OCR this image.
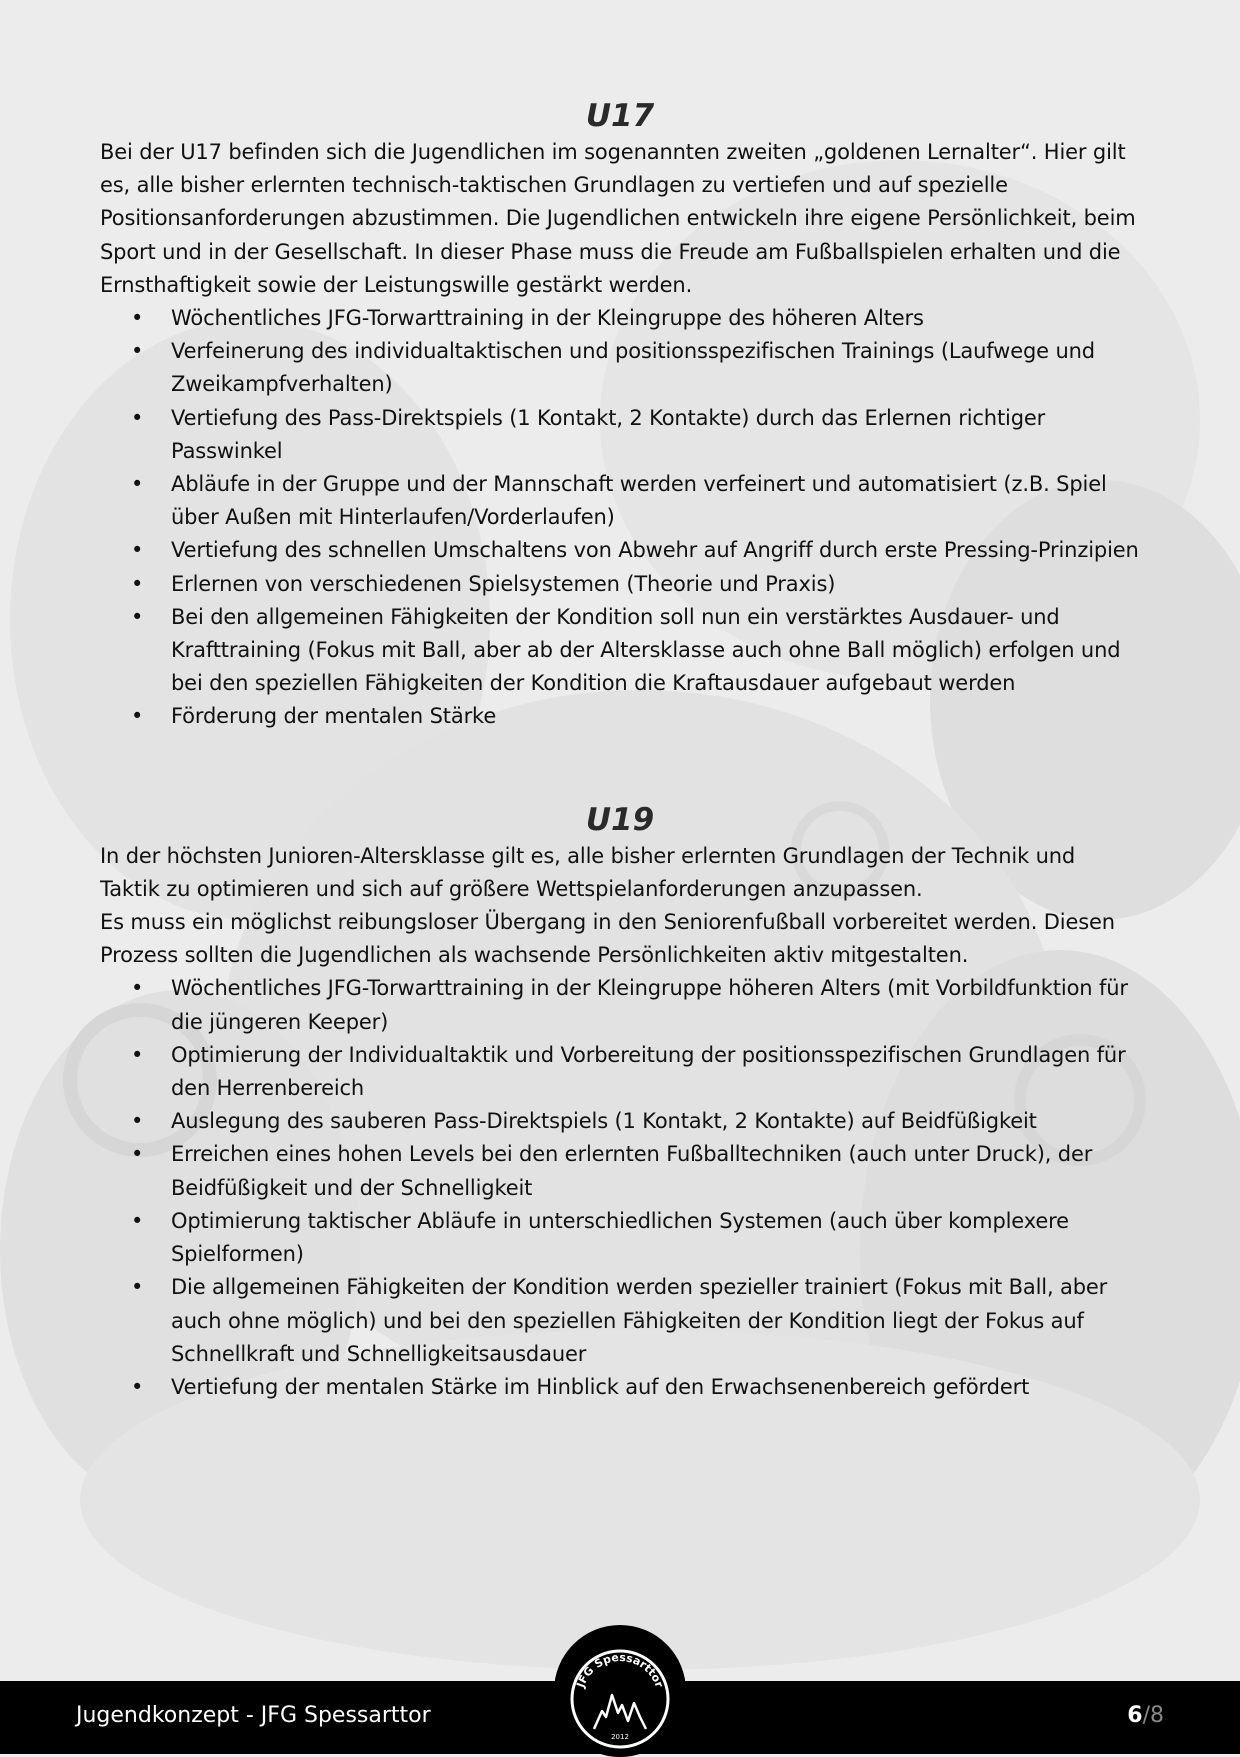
U17

Bei der U17 befinden sich die Jugendlichen im sogenannten zweiten „goldenen Lernalter“. Hier gilt es, alle bisher erlernten technisch-taktischen Grundlagen zu vertiefen und auf spezielle Positionsanforderungen abzustimmen. Die Jugendlichen entwickeln ihre eigene Persönlichkeit, beim Sport und in der Gesellschaft. In dieser Phase muss die Freude am Fußballspielen erhalten und die Ernsthaftigkeit sowie der Leistungswille gestärkt werden.

• Wöchentliches JFG-Torwarttraining in der Kleingruppe des höheren Alters
• Verfeinerung des individualtaktischen und positionsspezifischen Trainings (Laufwege und Zweikampfverhalten)
• Vertiefung des Pass-Direktspiels (1 Kontakt, 2 Kontakte) durch das Erlernen richtiger Passwinkel
• Abläufe in der Gruppe und der Mannschaft werden verfeinert und automatisiert (z.B. Spiel über Außen mit Hinterlaufen/Vorderlaufen)
• Vertiefung des schnellen Umschaltens von Abwehr auf Angriff durch erste Pressing-Prinzipien
• Erlernen von verschiedenen Spielsystemen (Theorie und Praxis)
• Bei den allgemeinen Fähigkeiten der Kondition soll nun ein verstärktes Ausdauer- und Krafttraining (Fokus mit Ball, aber ab der Altersklasse auch ohne Ball möglich) erfolgen und bei den speziellen Fähigkeiten der Kondition die Kraftausdauer aufgebaut werden
• Förderung der mentalen Stärke
U19

In der höchsten Junioren-Altersklasse gilt es, alle bisher erlernten Grundlagen der Technik und Taktik zu optimieren und sich auf größere Wettspielanforderungen anzupassen.

Es muss ein möglichst reibungsloser Übergang in den Seniorenfußball vorbereitet werden. Diesen Prozess sollten die Jugendlichen als wachsende Persönlichkeiten aktiv mitgestalten.

• Wöchentliches JFG-Torwarttraining in der Kleingruppe höheren Alters (mit Vorbildfunktion für die jüngeren Keeper)
• Optimierung der Individualtaktik und Vorbereitung der positionsspezifischen Grundlagen für den Herrenbereich
• Auslegung des sauberen Pass-Direktspiels (1 Kontakt, 2 Kontakte) auf Beidfüßigkeit
• Erreichen eines hohen Levels bei den erlernten Fußballtechniken (auch unter Druck), der Beidfüßigkeit und der Schnelligkeit
• Optimierung taktischer Abläufe in unterschiedlichen Systemen (auch über komplexere Spielformen)
• Die allgemeinen Fähigkeiten der Kondition werden spezieller trainiert (Fokus mit Ball, aber auch ohne möglich) und bei den speziellen Fähigkeiten der Kondition liegt der Fokus auf Schnellkraft und Schnelligkeitsausdauer
• Vertiefung der mentalen Stärke im Hinblick auf den Erwachsenenbereich gefördert
Jugendkonzept - JFG Spessarttor	6/8
JFG Spessarttor
2012
